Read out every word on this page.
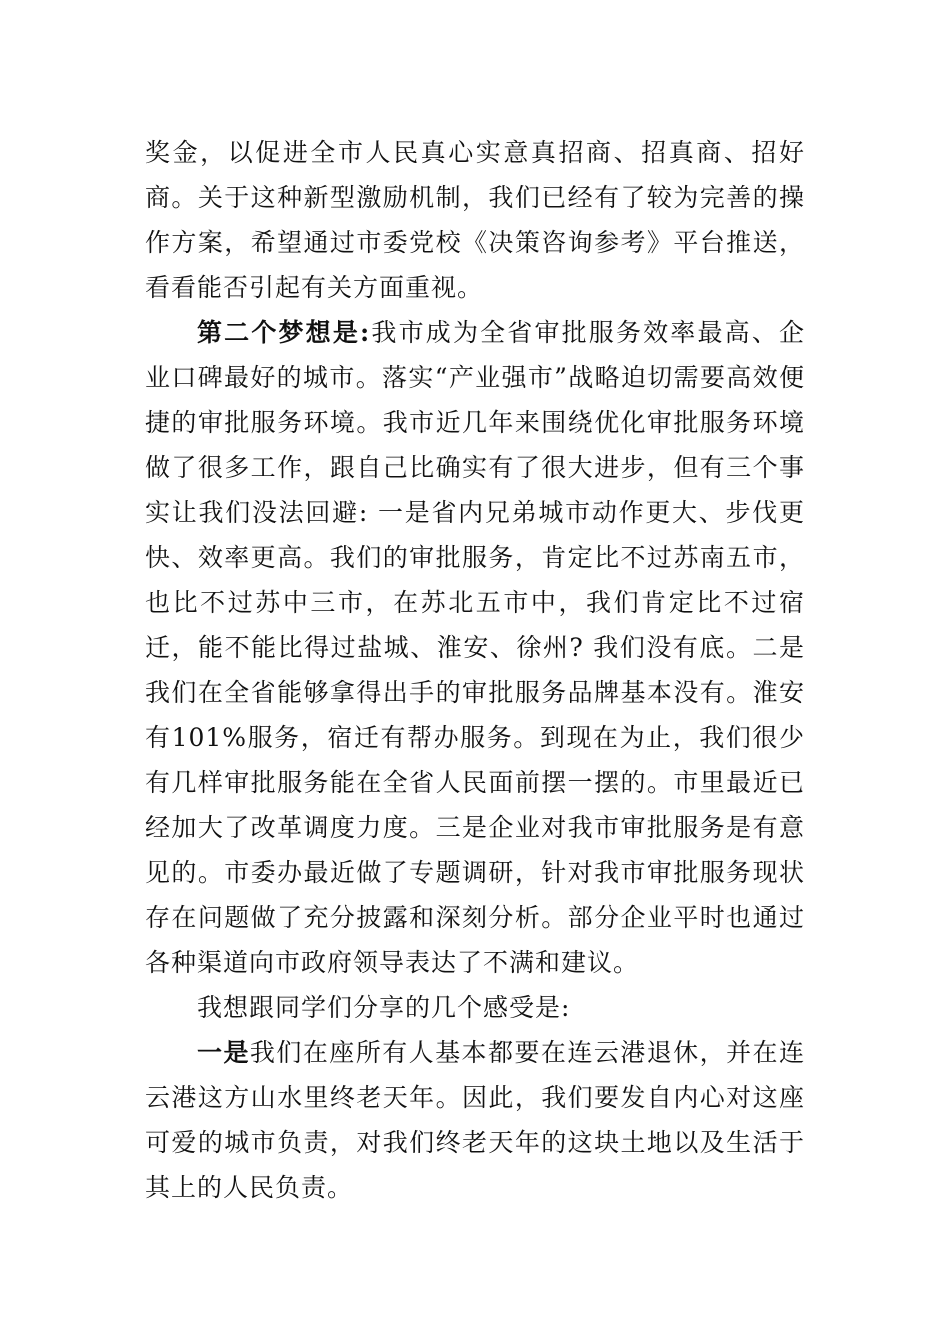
奖金，以促进全市人民真心实意真招商、招真商、招好商。关于这种新型激励机制，我们已经有了较为完善的操作方案，希望通过市委党校《决策咨询参考》平台推送，看看能否引起有关方面重视。

第二个梦想是:我市成为全省审批服务效率最高、企业口碑最好的城市。落实“产业强市”战略迫切需要高效便捷的审批服务环境。我市近几年来围绕优化审批服务环境做了很多工作，跟自己比确实有了很大进步，但有三个事实让我们没法回避: 一是省内兄弟城市动作更大、步伐更快、效率更高。我们的审批服务，肯定比不过苏南五市，也比不过苏中三市，在苏北五市中，我们肯定比不过宿迁，能不能比得过盐城、淮安、徐州? 我们没有底。二是我们在全省能够拿得出手的审批服务品牌基本没有。淮安有101%服务，宿迁有帮办服务。到现在为止，我们很少有几样审批服务能在全省人民面前摆一摆的。市里最近已经加大了改革调度力度。三是企业对我市审批服务是有意见的。市委办最近做了专题调研，针对我市审批服务现状存在问题做了充分披露和深刻分析。部分企业平时也通过各种渠道向市政府领导表达了不满和建议。

我想跟同学们分享的几个感受是:

一是我们在座所有人基本都要在连云港退休，并在连云港这方山水里终老天年。因此，我们要发自内心对这座可爱的城市负责，对我们终老天年的这块土地以及生活于其上的人民负责。
